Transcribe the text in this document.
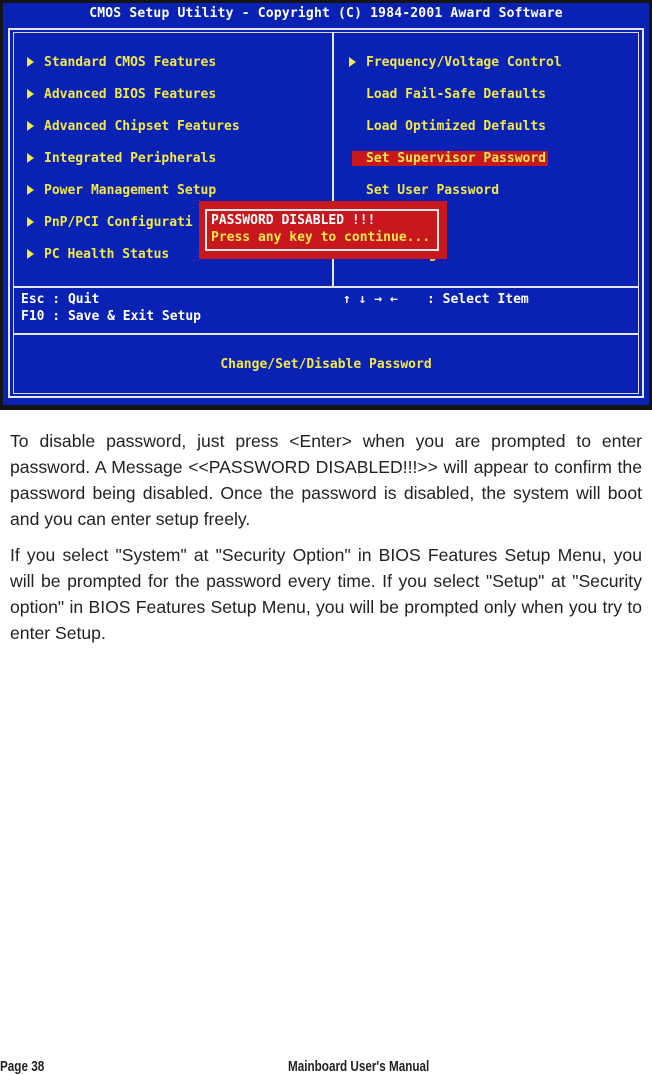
CMOS Setup Utility - Copyright (C) 1984-2001 Award Software
Standard CMOS Features
Advanced BIOS Features
Advanced Chipset Features
Integrated Peripherals
Power Management Setup
PnP/PCI Configurati
PC Health Status
Frequency/Voltage Control
Load Fail-Safe Defaults
Load Optimized Defaults
Set Supervisor Password
Set User Password
PASSWORD DISABLED !!!
Press any key to continue...
Esc : Quit
F10 : Save & Exit Setup
↑ ↓ → ← : Select Item
Change/Set/Disable Password

To disable password, just press <Enter> when you are prompted to enter password. A Message <<PASSWORD DISABLED!!!>> will appear to confirm the password being disabled. Once the password is disabled, the system will boot and you can enter setup freely.

If you select "System" at "Security Option" in BIOS Features Setup Menu, you will be prompted for the password every time. If you select "Setup" at "Security option" in BIOS Features Setup Menu, you will be prompted only when you try to enter Setup.

Page 38	Mainboard User's Manual
